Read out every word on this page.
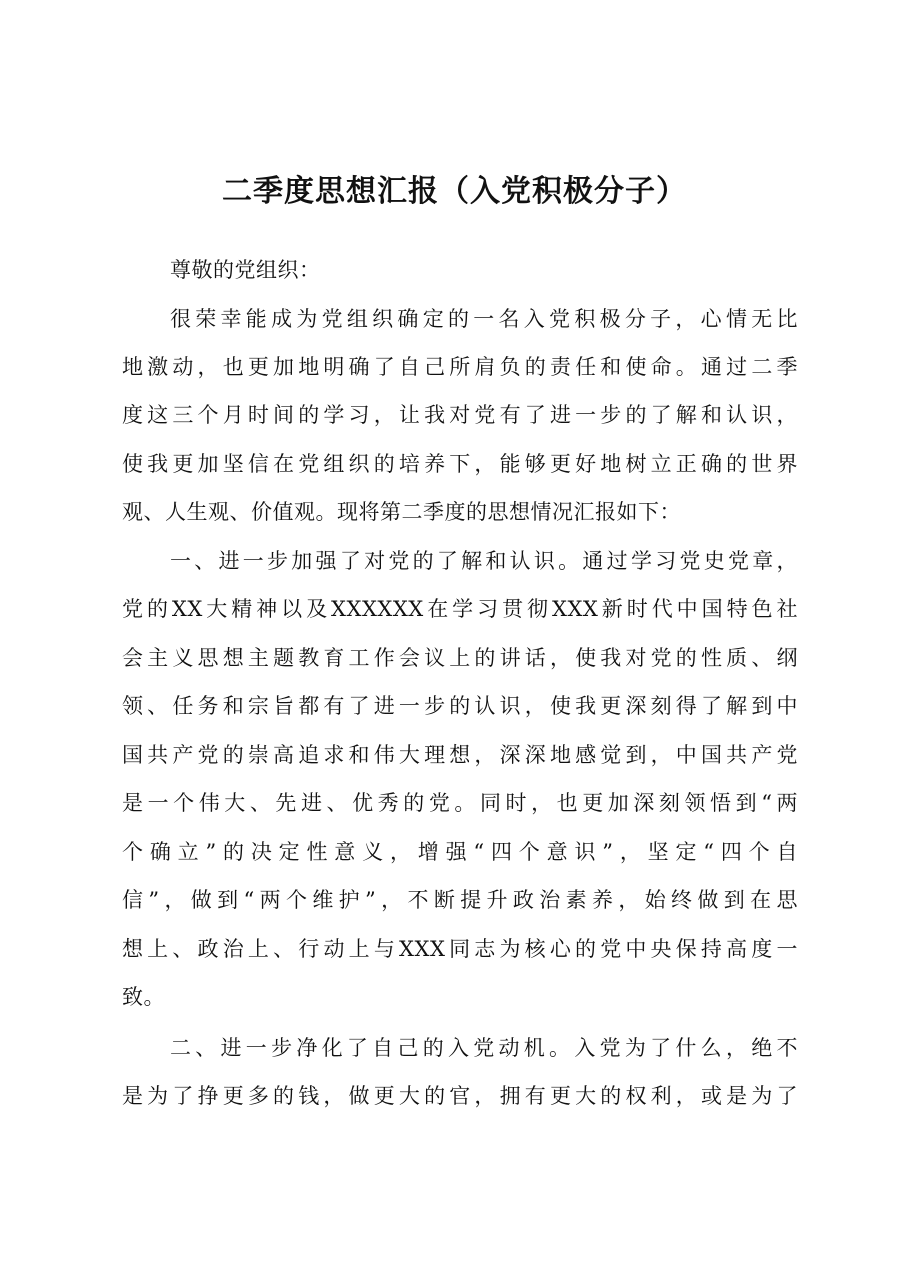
二季度思想汇报（入党积极分子）
尊敬的党组织：
很荣幸能成为党组织确定的一名入党积极分子，心情无比
地激动，也更加地明确了自己所肩负的责任和使命。通过二季
度这三个月时间的学习，让我对党有了进一步的了解和认识，
使我更加坚信在党组织的培养下，能够更好地树立正确的世界
观、人生观、价值观。现将第二季度的思想情况汇报如下：
一、进一步加强了对党的了解和认识。通过学习党史党章，
党的XX大精神以及XXXXXX在学习贯彻XXX新时代中国特色社
会主义思想主题教育工作会议上的讲话，使我对党的性质、纲
领、任务和宗旨都有了进一步的认识，使我更深刻得了解到中
国共产党的崇高追求和伟大理想，深深地感觉到，中国共产党
是一个伟大、先进、优秀的党。同时，也更加深刻领悟到“两
个确立”的决定性意义，增强“四个意识”，坚定“四个自
信”，做到“两个维护”，不断提升政治素养，始终做到在思
想上、政治上、行动上与XXX同志为核心的党中央保持高度一
致。
二、进一步净化了自己的入党动机。入党为了什么，绝不
是为了挣更多的钱，做更大的官，拥有更大的权利，或是为了
